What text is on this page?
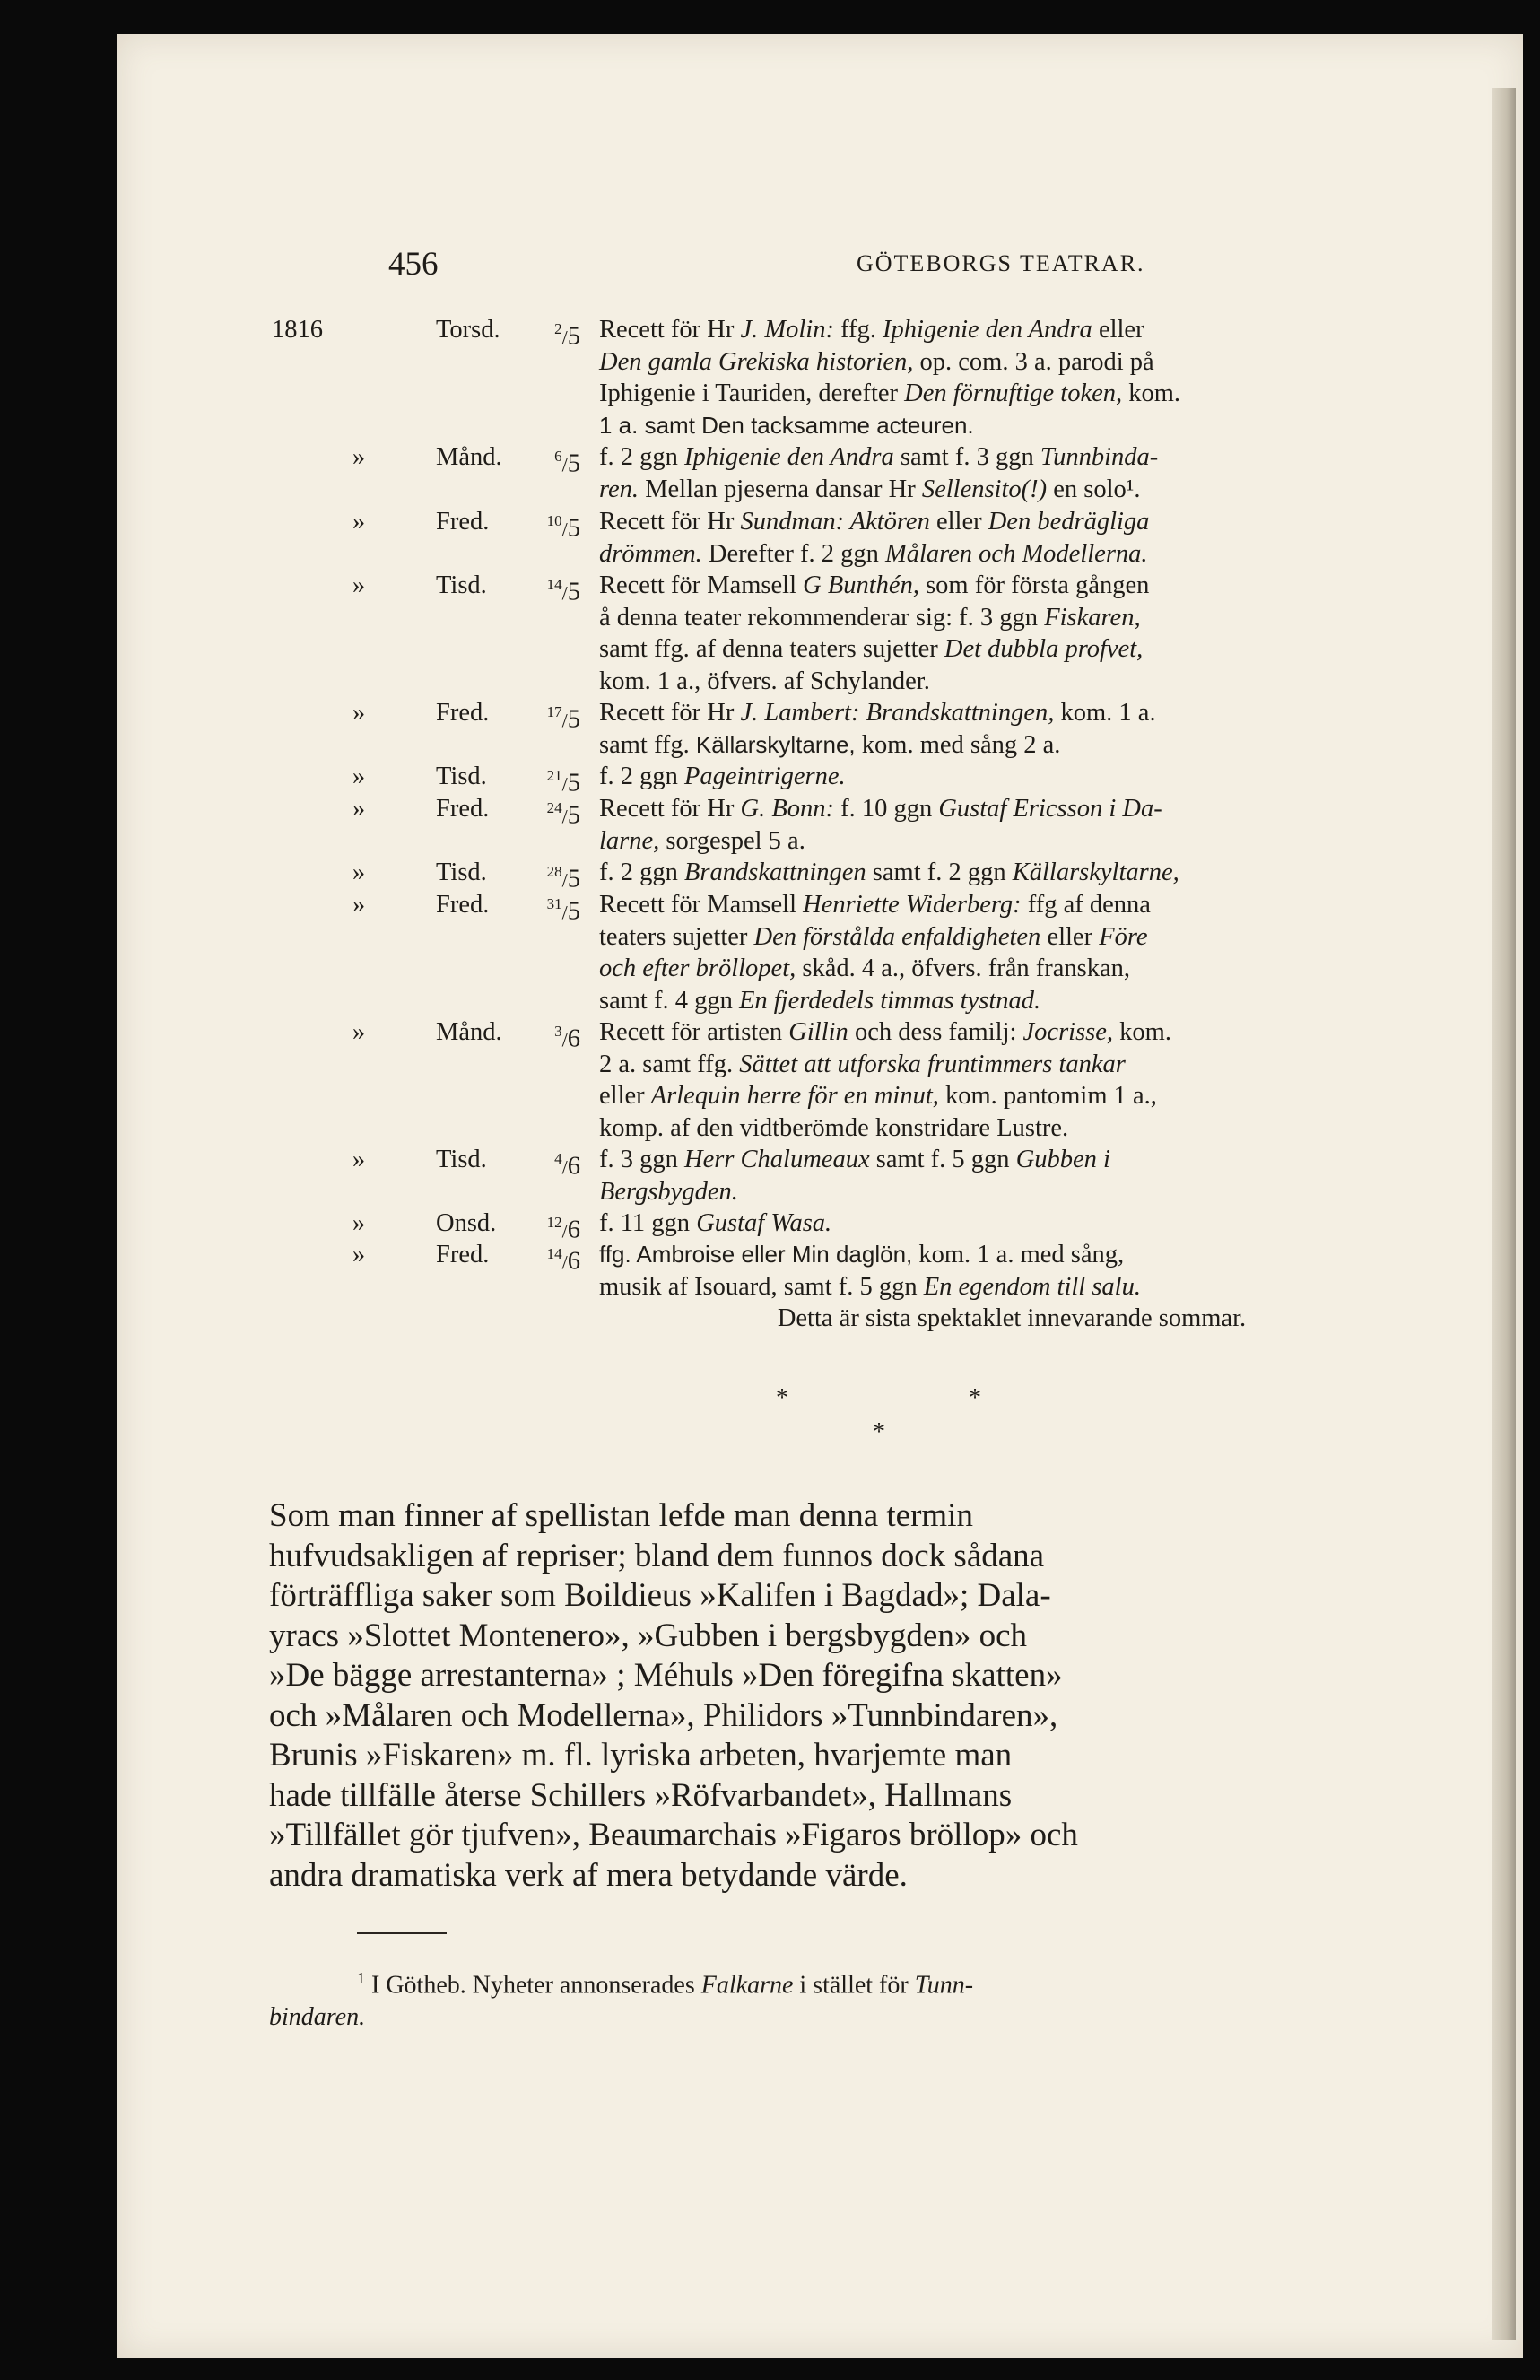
456	GÖTEBORGS TEATRAR.
1816	Torsd.	$^2$/5 Recett för Hr J. Molin: ffg. Iphigenie den Andra eller
Den gamla Grekiska historien, op. com. 3 a. parodi på
Iphigenie i Tauriden, derefter Den förnuftige token, kom.
1 a. samt Den tacksamme acteuren.
»	Månd.	$^6$/5 f. 2 ggn Iphigenie den Andra samt f. 3 ggn Tunnbinda-
ren. Mellan pjeserna dansar Hr Sellensito(!) en solo¹.
»	Fred.	$^{10}$/5 Recett för Hr Sundman: Aktören eller Den bedrägliga
drömmen. Derefter f. 2 ggn Målaren och Modellerna.
»	Tisd.	$^{14}$/5 Recett för Mamsell G Bunthén, som för första gången
å denna teater rekommenderar sig: f. 3 ggn Fiskaren,
samt ffg. af denna teaters sujetter Det dubbla profvet,
kom. 1 a., öfvers. af Schylander.
»	Fred.	$^{17}$/5 Recett för Hr J. Lambert: Brandskattningen, kom. 1 a.
samt ffg. Källarskyltarne, kom. med sång 2 a.
»	Tisd.	$^{21}$/5 f. 2 ggn Pageintrigerne.
»	Fred.	$^{24}$/5 Recett för Hr G. Bonn: f. 10 ggn Gustaf Ericsson i Da-
larne, sorgespel 5 a.
»	Tisd.	$^{28}$/5 f. 2 ggn Brandskattningen samt f. 2 ggn Källarskyltarne,
»	Fred.	$^{31}$/5 Recett för Mamsell Henriette Widerberg: ffg af denna
teaters sujetter Den förstålda enfaldigheten eller Före
och efter bröllopet, skåd. 4 a., öfvers. från franskan,
samt f. 4 ggn En fjerdedels timmas tystnad.
»	Månd.	$^3$/6 Recett för artisten Gillin och dess familj: Jocrisse, kom.
2 a. samt ffg. Sättet att utforska fruntimmers tankar
eller Arlequin herre för en minut, kom. pantomim 1 a.,
komp. af den vidtberömde konstridare Lustre.
»	Tisd.	$^4$/6 f. 3 ggn Herr Chalumeaux samt f. 5 ggn Gubben i
Bergsbygden.
»	Onsd.	$^{12}$/6 f. 11 ggn Gustaf Wasa.
»	Fred.	$^{14}$/6 ffg. Ambroise eller Min daglön, kom. 1 a. med sång,
musik af Isouard, samt f. 5 ggn En egendom till salu.
Detta är sista spektaklet innevarande sommar.
*	*
*
Som man finner af spellistan lefde man denna termin
hufvudsakligen af repriser; bland dem funnos dock sådana
förträffliga saker som Boildieus »Kalifen i Bagdad»; Dala-
yracs »Slottet Montenero», »Gubben i bergsbygden» och
»De bägge arrestanterna» ; Méhuls »Den föregifna skatten»
och »Målaren och Modellerna», Philidors »Tunnbindaren»,
Brunis »Fiskaren» m. fl. lyriska arbeten, hvarjemte man
hade tillfälle återse Schillers »Röfvarbandet», Hallmans
»Tillfället gör tjufven», Beaumarchais »Figaros bröllop» och
andra dramatiska verk af mera betydande värde.
$^1$ I Götheb. Nyheter annonserades Falkarne i stället för Tunn-
bindaren.
